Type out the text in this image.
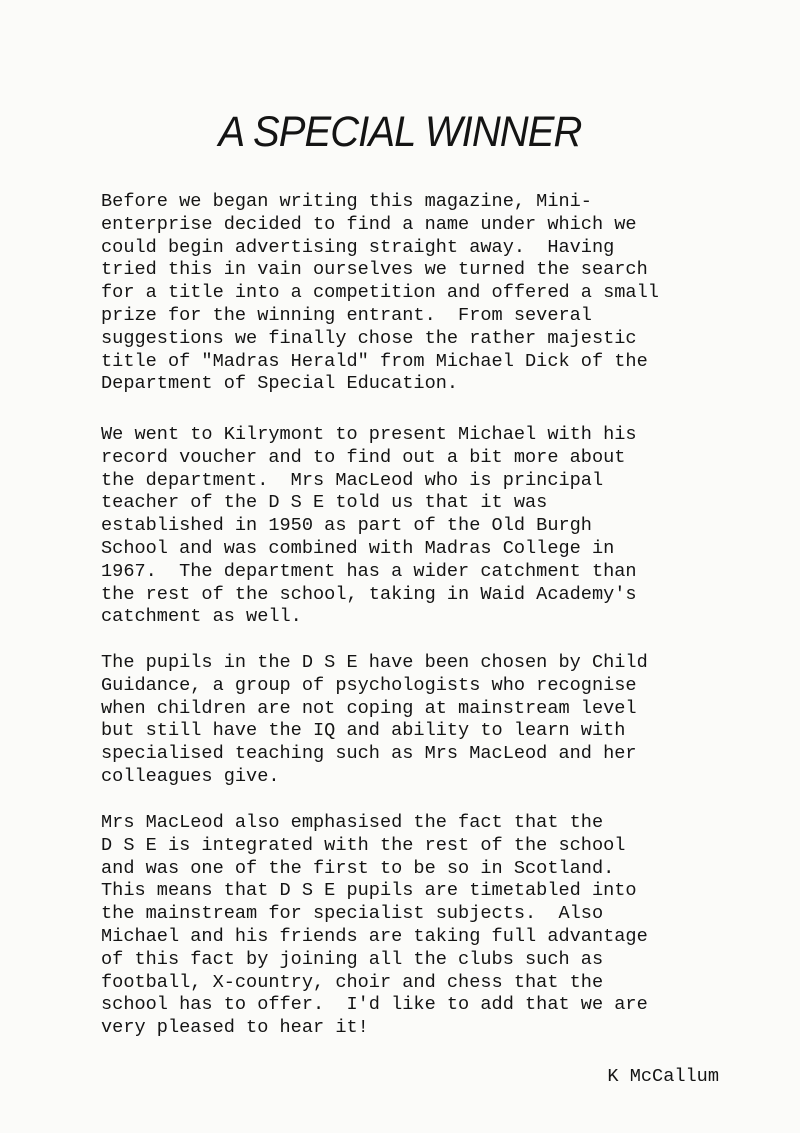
A SPECIAL WINNER

Before we began writing this magazine, Mini-
enterprise decided to find a name under which we
could begin advertising straight away.  Having
tried this in vain ourselves we turned the search
for a title into a competition and offered a small
prize for the winning entrant.  From several
suggestions we finally chose the rather majestic
title of "Madras Herald" from Michael Dick of the
Department of Special Education.

We went to Kilrymont to present Michael with his
record voucher and to find out a bit more about
the department.  Mrs MacLeod who is principal
teacher of the D S E told us that it was
established in 1950 as part of the Old Burgh
School and was combined with Madras College in
1967.  The department has a wider catchment than
the rest of the school, taking in Waid Academy's
catchment as well.

The pupils in the D S E have been chosen by Child
Guidance, a group of psychologists who recognise
when children are not coping at mainstream level
but still have the IQ and ability to learn with
specialised teaching such as Mrs MacLeod and her
colleagues give.

Mrs MacLeod also emphasised the fact that the
D S E is integrated with the rest of the school
and was one of the first to be so in Scotland.
This means that D S E pupils are timetabled into
the mainstream for specialist subjects.  Also
Michael and his friends are taking full advantage
of this fact by joining all the clubs such as
football, X-country, choir and chess that the
school has to offer.  I'd like to add that we are
very pleased to hear it!

K McCallum
